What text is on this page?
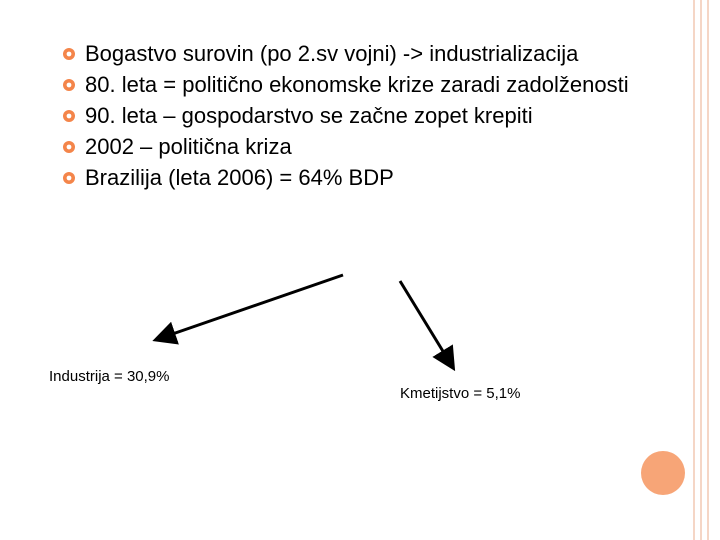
Bogastvo surovin (po 2.sv vojni) -> industrializacija
80. leta = politično ekonomske krize zaradi zadolženosti
90. leta – gospodarstvo se začne zopet krepiti
2002 – politična kriza
Brazilija (leta 2006) = 64% BDP
Industrija = 30,9%
Kmetijstvo = 5,1%
